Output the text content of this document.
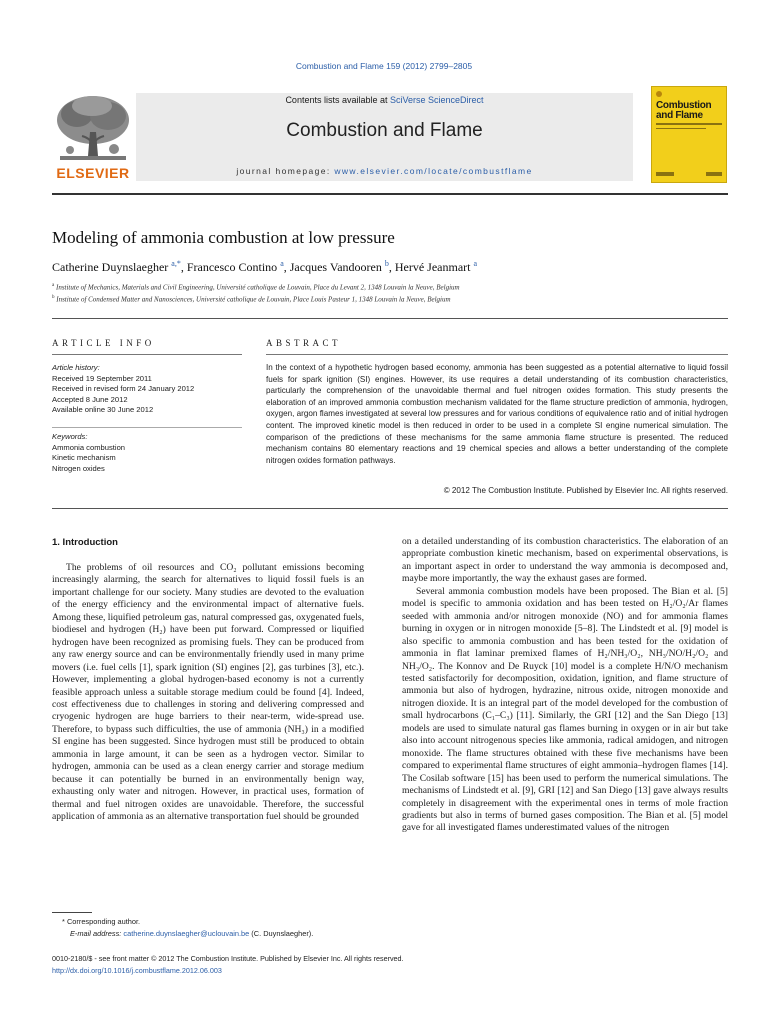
Combustion and Flame 159 (2012) 2799–2805
ELSEVIER
Contents lists available at SciVerse ScienceDirect
Combustion and Flame
journal homepage: www.elsevier.com/locate/combustflame
Combustion
and Flame
Modeling of ammonia combustion at low pressure
Catherine Duynslaegher $^{a,*}$, Francesco Contino $^a$, Jacques Vandooren $^b$, Hervé Jeanmart $^a$
$^a$ Institute of Mechanics, Materials and Civil Engineering, Université catholique de Louvain, Place du Levant 2, 1348 Louvain la Neuve, Belgium
$^b$ Institute of Condensed Matter and Nanosciences, Université catholique de Louvain, Place Louis Pasteur 1, 1348 Louvain la Neuve, Belgium
ARTICLE INFO	ABSTRACT
Article history:
Received 19 September 2011
Received in revised form 24 January 2012
Accepted 8 June 2012
Available online 30 June 2012
Keywords:
Ammonia combustion
Kinetic mechanism
Nitrogen oxides
In the context of a hypothetic hydrogen based economy, ammonia has been suggested as a potential alternative to liquid fossil fuels for spark ignition (SI) engines. However, its use requires a detail understanding of its combustion characteristics, particularly the comprehension of the unavoidable thermal and fuel nitrogen oxides formation. This study presents the elaboration of an improved ammonia combustion mechanism validated for the flame structure prediction of ammonia, hydrogen, oxygen, argon flames investigated at several low pressures and for various conditions of equivalence ratio and of initial hydrogen content. The improved kinetic model is then reduced in order to be used in a complete SI engine numerical simulation. The comparison of the predictions of these mechanisms for the same ammonia flame structure is presented. The reduced mechanism contains 80 elementary reactions and 19 chemical species and allows a better understanding of the complete nitrogen oxides formation pathways.
© 2012 The Combustion Institute. Published by Elsevier Inc. All rights reserved.
1. Introduction

The problems of oil resources and CO₂ pollutant emissions becoming increasingly alarming, the search for alternatives to liquid fossil fuels is an important challenge for our society. Many studies are devoted to the evaluation of the energy efficiency and the environmental impact of alternative fuels. Among these, liquified petroleum gas, natural compressed gas, oxygenated fuels, biodiesel and hydrogen (H₂) have been put forward. Compressed or liquified hydrogen have been recognized as promising fuels. They can be produced from any raw energy source and can be environmentally friendly used in many prime movers (i.e. fuel cells [1], spark ignition (SI) engines [2], gas turbines [3], etc.). However, implementing a global hydrogen-based economy is not a currently feasible approach unless a suitable storage medium could be found [4]. Indeed, cost effectiveness due to challenges in storing and delivering compressed and cryogenic hydrogen are huge barriers to their near-term, wide-spread use. Therefore, to bypass such difficulties, the use of ammonia (NH₃) in a modified SI engine has been suggested. Since hydrogen must still be produced to obtain ammonia in large amount, it can be seen as a hydrogen vector. Similar to hydrogen, ammonia can be used as a clean energy carrier and storage medium because it can potentially be burned in an environmentally benign way, exhausting only water and nitrogen. However, in practical uses, formation of thermal and fuel nitrogen oxides are unavoidable. Therefore, the successful application of ammonia as an alternative transportation fuel should be grounded

on a detailed understanding of its combustion characteristics. The elaboration of an appropriate combustion kinetic mechanism, based on experimental observations, is an important aspect in order to understand the way ammonia is decomposed and, maybe more importantly, the way the exhaust gases are formed.

Several ammonia combustion models have been proposed. The Bian et al. [5] model is specific to ammonia oxidation and has been tested on H₂/O₂/Ar flames seeded with ammonia and/or nitrogen monoxide (NO) and for ammonia flames burning in oxygen or in nitrogen monoxide [5–8]. The Lindstedt et al. [9] model is also specific to ammonia combustion and has been tested for the oxidation of ammonia in flat laminar premixed flames of H₂/NH₃/O₂, NH₃/NO/H₂/O₂ and NH₃/O₂. The Konnov and De Ruyck [10] model is a complete H/N/O mechanism tested satisfactorily for decomposition, oxidation, ignition, and flame structure of ammonia but also of hydrogen, hydrazine, nitrous oxide, nitrogen monoxide and nitrogen dioxide. It is an integral part of the model developed for the combustion of small hydrocarbons (C₁–C₃) [11]. Similarly, the GRI [12] and the San Diego [13] models are used to simulate natural gas flames burning in oxygen or in air but take also into account nitrogenous species like ammonia, radical amidogen, and nitrogen monoxide. The flame structures obtained with these five mechanisms have been compared to experimental flame structures of eight ammonia–hydrogen flames [14]. The Cosilab software [15] has been used to perform the numerical simulations. The mechanisms of Lindstedt et al. [9], GRI [12] and San Diego [13] gave always results completely in disagreement with the experimental ones in terms of mole fraction gradients but also in terms of burned gases composition. The Bian et al. [5] model gave for all investigated flames underestimated values of the nitrogen

* Corresponding author.
E-mail address: catherine.duynslaegher@uclouvain.be (C. Duynslaegher).
0010-2180/$ - see front matter © 2012 The Combustion Institute. Published by Elsevier Inc. All rights reserved.
http://dx.doi.org/10.1016/j.combustflame.2012.06.003
